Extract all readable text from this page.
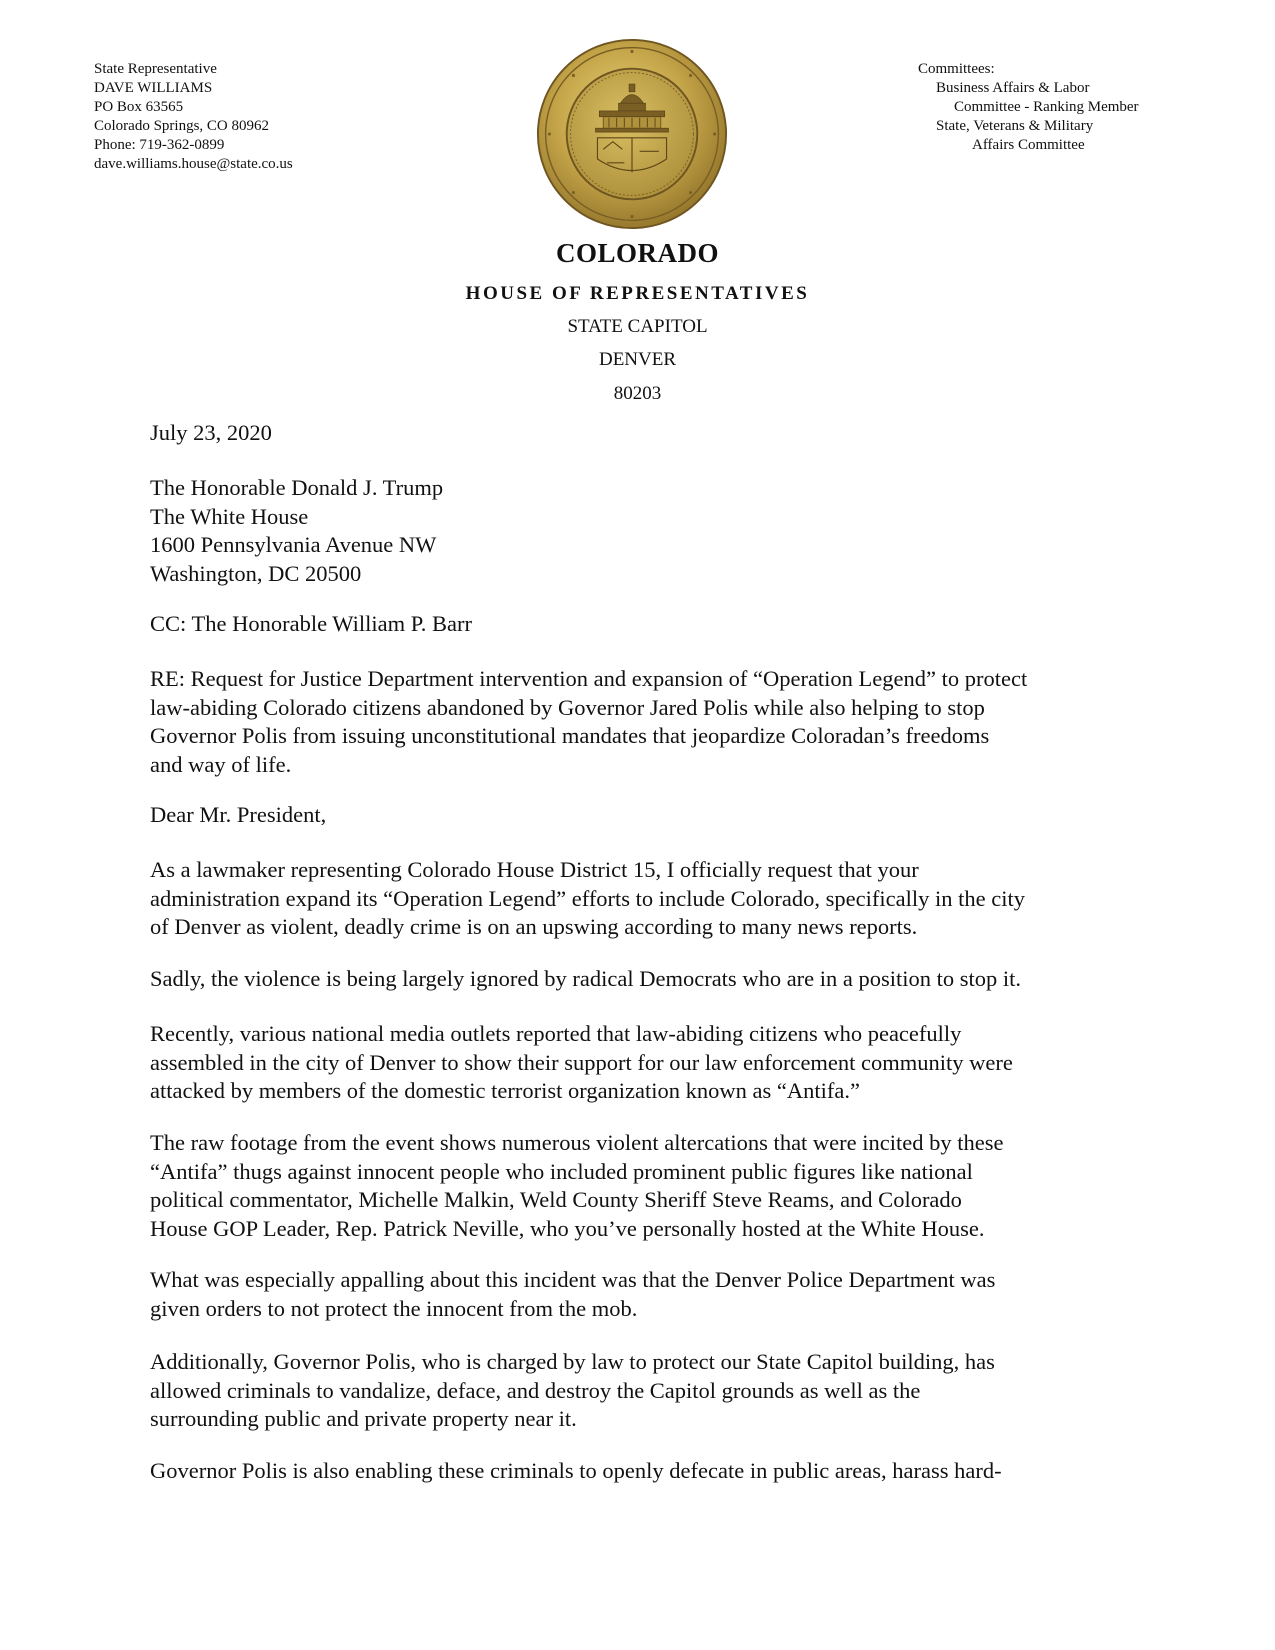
State Representative
DAVE WILLIAMS
PO Box 63565
Colorado Springs, CO 80962
Phone: 719-362-0899
dave.williams.house@state.co.us
Committees:
Business Affairs & Labor
Committee - Ranking Member
State, Veterans & Military
Affairs Committee
COLORADO
HOUSE OF REPRESENTATIVES
STATE CAPITOL
DENVER
80203
July 23, 2020
The Honorable Donald J. Trump
The White House
1600 Pennsylvania Avenue NW
Washington, DC 20500
CC: The Honorable William P. Barr
RE: Request for Justice Department intervention and expansion of “Operation Legend” to protect
law-abiding Colorado citizens abandoned by Governor Jared Polis while also helping to stop
Governor Polis from issuing unconstitutional mandates that jeopardize Coloradan’s freedoms
and way of life.
Dear Mr. President,
As a lawmaker representing Colorado House District 15, I officially request that your
administration expand its “Operation Legend” efforts to include Colorado, specifically in the city
of Denver as violent, deadly crime is on an upswing according to many news reports.
Sadly, the violence is being largely ignored by radical Democrats who are in a position to stop it.
Recently, various national media outlets reported that law-abiding citizens who peacefully
assembled in the city of Denver to show their support for our law enforcement community were
attacked by members of the domestic terrorist organization known as “Antifa.”
The raw footage from the event shows numerous violent altercations that were incited by these
“Antifa” thugs against innocent people who included prominent public figures like national
political commentator, Michelle Malkin, Weld County Sheriff Steve Reams, and Colorado
House GOP Leader, Rep. Patrick Neville, who you’ve personally hosted at the White House.
What was especially appalling about this incident was that the Denver Police Department was
given orders to not protect the innocent from the mob.
Additionally, Governor Polis, who is charged by law to protect our State Capitol building, has
allowed criminals to vandalize, deface, and destroy the Capitol grounds as well as the
surrounding public and private property near it.
Governor Polis is also enabling these criminals to openly defecate in public areas, harass hard-
